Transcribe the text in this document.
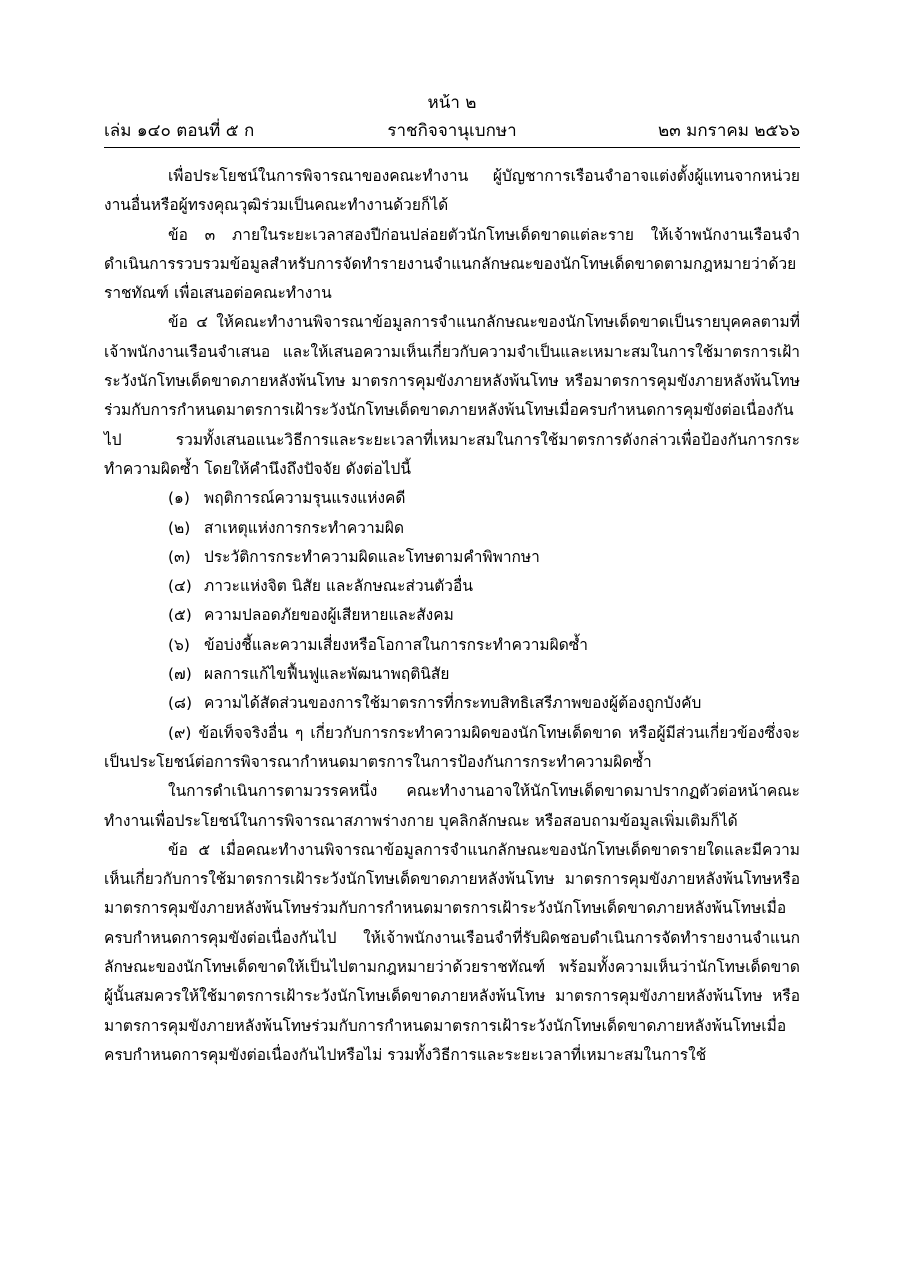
หน้า ๒
ราชกิจจานุเบกษา
เล่ม ๑๔๐ ตอนที่ ๕ ก	๒๓ มกราคม ๒๕๖๖

เพื่อประโยชน์ในการพิจารณาของคณะทำงาน ผู้บัญชาการเรือนจำอาจแต่งตั้งผู้แทนจากหน่วยงานอื่นหรือผู้ทรงคุณวุฒิร่วมเป็นคณะทำงานด้วยก็ได้

ข้อ ๓ ภายในระยะเวลาสองปีก่อนปล่อยตัวนักโทษเด็ดขาดแต่ละราย ให้เจ้าพนักงานเรือนจำดำเนินการรวบรวมข้อมูลสำหรับการจัดทำรายงานจำแนกลักษณะของนักโทษเด็ดขาดตามกฎหมายว่าด้วยราชทัณฑ์ เพื่อเสนอต่อคณะทำงาน

ข้อ ๔ ให้คณะทำงานพิจารณาข้อมูลการจำแนกลักษณะของนักโทษเด็ดขาดเป็นรายบุคคลตามที่เจ้าพนักงานเรือนจำเสนอ และให้เสนอความเห็นเกี่ยวกับความจำเป็นและเหมาะสมในการใช้มาตรการเฝ้าระวังนักโทษเด็ดขาดภายหลังพ้นโทษ มาตรการคุมขังภายหลังพ้นโทษ หรือมาตรการคุมขังภายหลังพ้นโทษร่วมกับการกำหนดมาตรการเฝ้าระวังนักโทษเด็ดขาดภายหลังพ้นโทษเมื่อครบกำหนดการคุมขังต่อเนื่องกันไป รวมทั้งเสนอแนะวิธีการและระยะเวลาที่เหมาะสมในการใช้มาตรการดังกล่าวเพื่อป้องกันการกระทำความผิดซ้ำ โดยให้คำนึงถึงปัจจัย ดังต่อไปนี้

(๑) พฤติการณ์ความรุนแรงแห่งคดี

(๒) สาเหตุแห่งการกระทำความผิด

(๓) ประวัติการกระทำความผิดและโทษตามคำพิพากษา

(๔) ภาวะแห่งจิต นิสัย และลักษณะส่วนตัวอื่น

(๕) ความปลอดภัยของผู้เสียหายและสังคม

(๖) ข้อบ่งชี้และความเสี่ยงหรือโอกาสในการกระทำความผิดซ้ำ

(๗) ผลการแก้ไขฟื้นฟูและพัฒนาพฤตินิสัย

(๘) ความได้สัดส่วนของการใช้มาตรการที่กระทบสิทธิเสรีภาพของผู้ต้องถูกบังคับ

(๙) ข้อเท็จจริงอื่น ๆ เกี่ยวกับการกระทำความผิดของนักโทษเด็ดขาด หรือผู้มีส่วนเกี่ยวข้องซึ่งจะเป็นประโยชน์ต่อการพิจารณากำหนดมาตรการในการป้องกันการกระทำความผิดซ้ำ

ในการดำเนินการตามวรรคหนึ่ง คณะทำงานอาจให้นักโทษเด็ดขาดมาปรากฏตัวต่อหน้าคณะทำงานเพื่อประโยชน์ในการพิจารณาสภาพร่างกาย บุคลิกลักษณะ หรือสอบถามข้อมูลเพิ่มเติมก็ได้

ข้อ ๕ เมื่อคณะทำงานพิจารณาข้อมูลการจำแนกลักษณะของนักโทษเด็ดขาดรายใดและมีความเห็นเกี่ยวกับการใช้มาตรการเฝ้าระวังนักโทษเด็ดขาดภายหลังพ้นโทษ มาตรการคุมขังภายหลังพ้นโทษหรือมาตรการคุมขังภายหลังพ้นโทษร่วมกับการกำหนดมาตรการเฝ้าระวังนักโทษเด็ดขาดภายหลังพ้นโทษเมื่อครบกำหนดการคุมขังต่อเนื่องกันไป ให้เจ้าพนักงานเรือนจำที่รับผิดชอบดำเนินการจัดทำรายงานจำแนกลักษณะของนักโทษเด็ดขาดให้เป็นไปตามกฎหมายว่าด้วยราชทัณฑ์ พร้อมทั้งความเห็นว่านักโทษเด็ดขาดผู้นั้นสมควรให้ใช้มาตรการเฝ้าระวังนักโทษเด็ดขาดภายหลังพ้นโทษ มาตรการคุมขังภายหลังพ้นโทษ หรือมาตรการคุมขังภายหลังพ้นโทษร่วมกับการกำหนดมาตรการเฝ้าระวังนักโทษเด็ดขาดภายหลังพ้นโทษเมื่อครบกำหนดการคุมขังต่อเนื่องกันไปหรือไม่ รวมทั้งวิธีการและระยะเวลาที่เหมาะสมในการใช้
